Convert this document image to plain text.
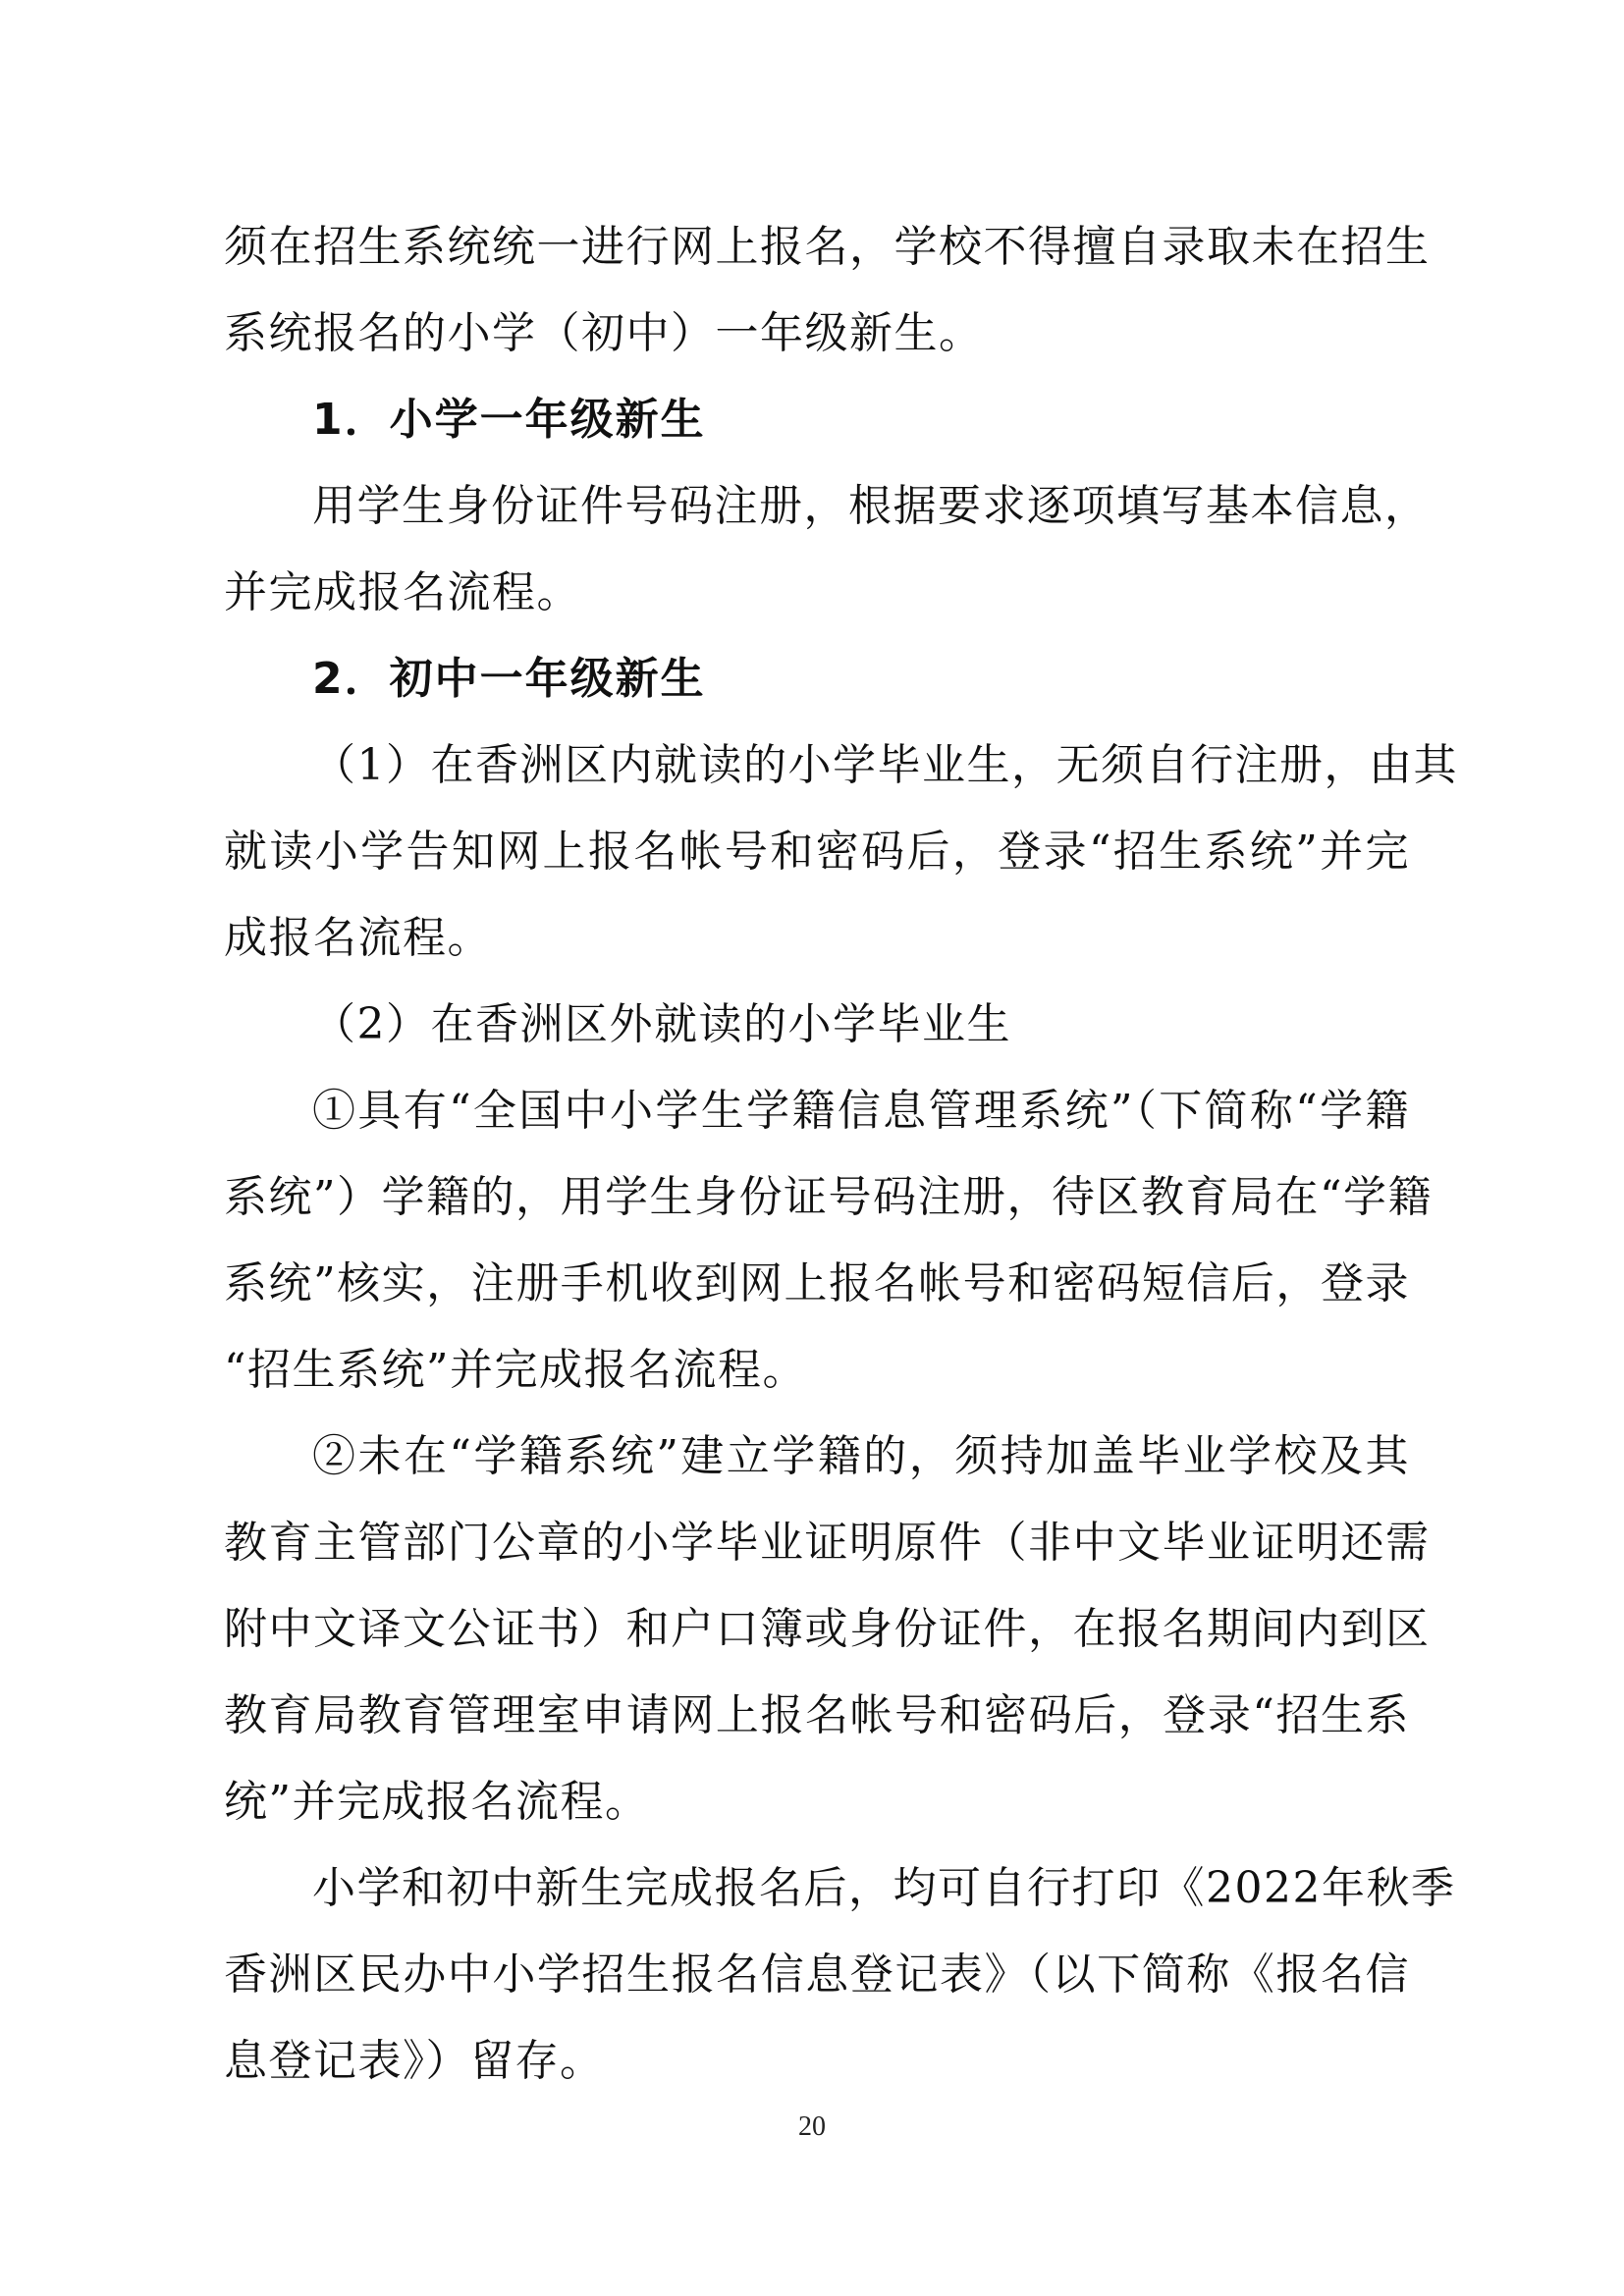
须在招生系统统一进行网上报名，学校不得擅自录取未在招生
系统报名的小学（初中）一年级新生。
1．小学一年级新生
用学生身份证件号码注册，根据要求逐项填写基本信息，
并完成报名流程。
2．初中一年级新生
（1）在香洲区内就读的小学毕业生，无须自行注册，由其
就读小学告知网上报名帐号和密码后，登录“招生系统”并完
成报名流程。
（2）在香洲区外就读的小学毕业生
①具有“全国中小学生学籍信息管理系统”（下简称“学籍
系统”）学籍的，用学生身份证号码注册，待区教育局在“学籍
系统”核实，注册手机收到网上报名帐号和密码短信后，登录
“招生系统”并完成报名流程。
②未在“学籍系统”建立学籍的，须持加盖毕业学校及其
教育主管部门公章的小学毕业证明原件（非中文毕业证明还需
附中文译文公证书）和户口簿或身份证件，在报名期间内到区
教育局教育管理室申请网上报名帐号和密码后，登录“招生系
统”并完成报名流程。
小学和初中新生完成报名后，均可自行打印《2022年秋季
香洲区民办中小学招生报名信息登记表》（以下简称《报名信
息登记表》）留存。
20
